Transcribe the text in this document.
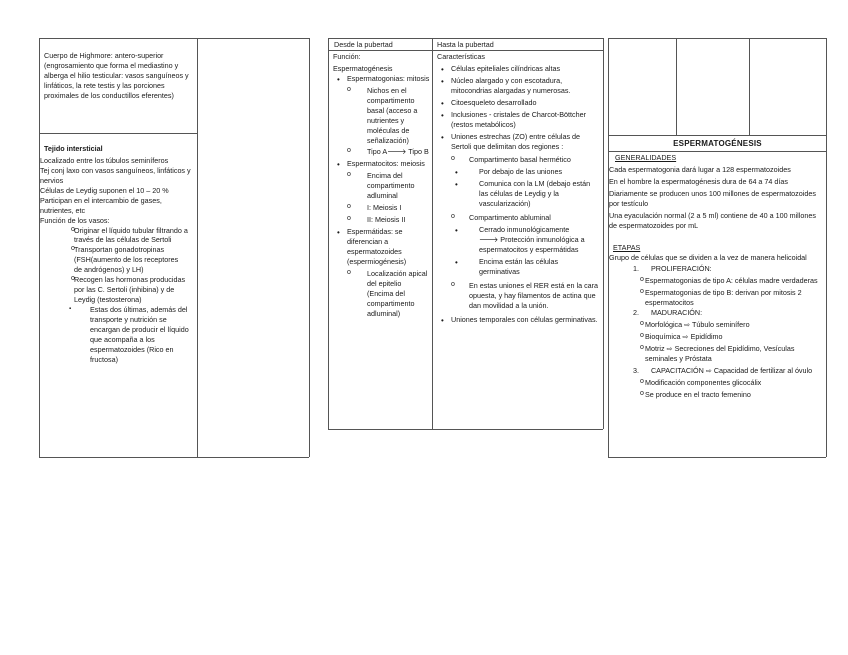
Cuerpo de Highmore: antero-superior (engrosamiento que forma el mediastino y alberga el hilio testicular: vasos sanguíneos y linfáticos, la rete testis y las porciones proximales de los conductillos eferentes)

Tejido intersticial

Localizado entre los túbulos seminíferos

Tej conj laxo con vasos sanguíneos, linfáticos y nervios

Células de Leydig suponen el 10 – 20 %

Participan en el intercambio de gases, nutrientes, etc

Función de los vasos:

o Originar el líquido tubular filtrando a través de las células de Sertoli
o Transportan gonadotropinas (FSH(aumento de los receptores de andrógenos) y LH)
o Recogen las hormonas producidas por las C. Sertoli (inhibina) y de Leydig (testosterona)
▪ Estas dos últimas, además del transporte y nutrición se encargan de producir el líquido que acompaña a los espermatozoides (Rico en fructosa)

Desde la pubertad	Hasta la pubertad

Función:

Espermatogénesis

• Espermatogonias: mitosis
o Nichos en el compartimento basal (acceso a nutrientes y moléculas de señalización)
o Tipo A🡒 Tipo B
• Espermatocitos: meiosis
o Encima del compartimento adluminal
o I: Meiosis I
o II: Meiosis II
• Espermátidas: se diferencian a espermatozoides (espermiogénesis)
o Localización apical del epitelio (Encima del compartimento adluminal)

Características

• Células epiteliales cilíndricas altas
• Núcleo alargado y con escotadura, mitocondrias alargadas y numerosas.
• Citoesqueleto desarrollado
• Inclusiones - cristales de Charcot-Böttcher (restos metabólicos)
• Uniones estrechas (ZO) entre células de Sertoli que delimitan dos regiones :
o Compartimento basal hermético
• Por debajo de las uniones
• Comunica con la LM (debajo están las células de Leydig y la vascularización)
o Compartimento abluminal
• Cerrado inmunológicamente
🡒 Protección inmunológica a espermatocitos y espermátidas
• Encima están las células germinativas
o En estas uniones el RER está en la cara opuesta, y hay filamentos de actina que dan movilidad a la unión.
• Uniones temporales con células germinativas.

ESPERMATOGÉNESIS

GENERALIDADES

Cada espermatogonia dará lugar a 128 espermatozoides

En el hombre la espermatogénesis dura de 64 a 74 días

Diariamente se producen unos 100 millones de espermatozoides por testículo

Una eyaculación normal (2 a 5 ml) contiene de 40 a 100 millones de espermatozoides por mL

ETAPAS

Grupo de células que se dividen a la vez de manera helicoidal

1.      PROLIFERACIÓN:

o Espermatogonias de tipo A: células madre verdaderas
o Espermatogonias de tipo B: derivan por mitosis 2 espermatocitos

2.      MADURACIÓN:

o Morfológica ⇨ Túbulo seminífero
o Bioquímica ⇨ Epidídimo
o Motriz ⇨ Secreciones del Epidídimo, Vesículas seminales y Próstata

3.      CAPACITACIÓN ⇨ Capacidad de fertilizar al óvulo

o Modificación componentes glicocálix
o Se produce en el tracto femenino
